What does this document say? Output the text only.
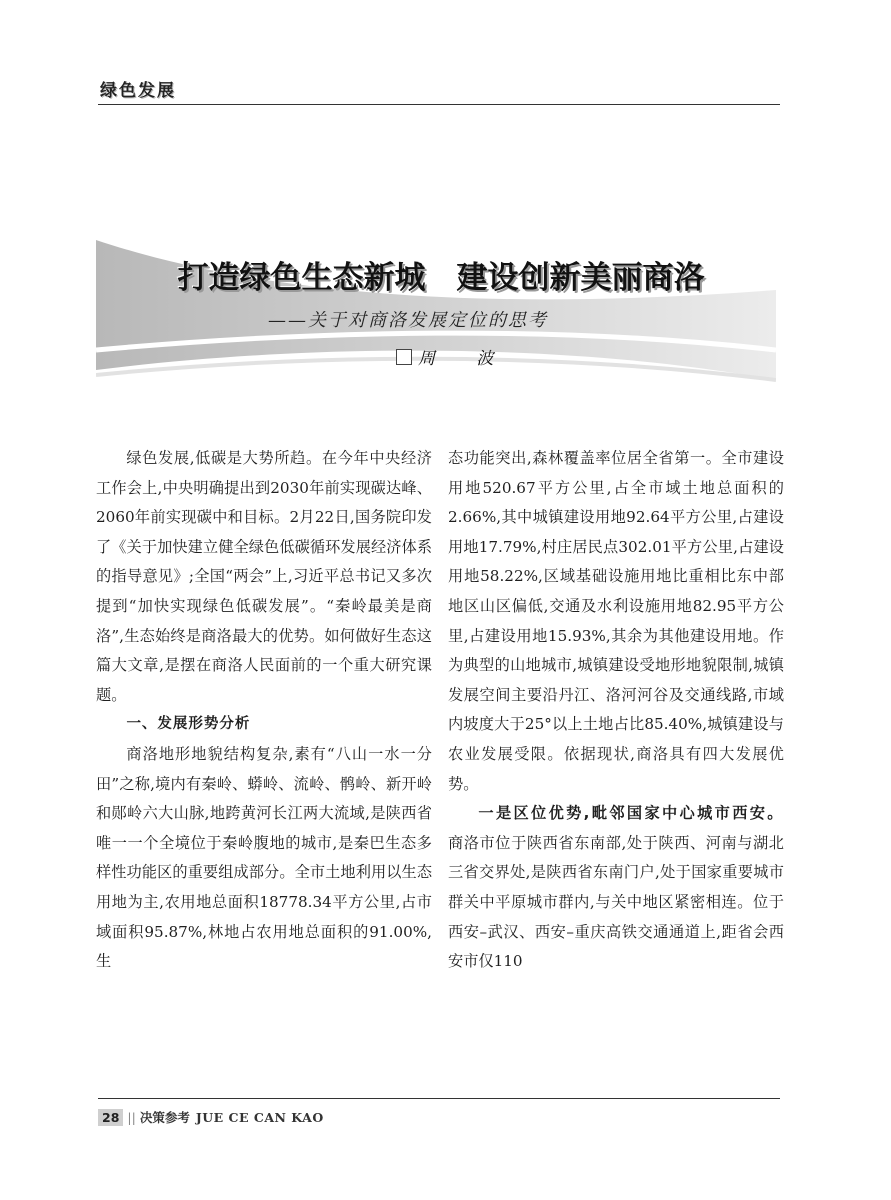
绿色发展
打造绿色生态新城　建设创新美丽商洛
——关于对商洛发展定位的思考
周 波

绿色发展,低碳是大势所趋。在今年中央经济工作会上,中央明确提出到2030年前实现碳达峰、2060年前实现碳中和目标。2月22日,国务院印发了《关于加快建立健全绿色低碳循环发展经济体系的指导意见》;全国“两会”上,习近平总书记又多次提到“加快实现绿色低碳发展”。“秦岭最美是商洛”,生态始终是商洛最大的优势。如何做好生态这篇大文章,是摆在商洛人民面前的一个重大研究课题。

一、发展形势分析

商洛地形地貌结构复杂,素有“八山一水一分田”之称,境内有秦岭、蟒岭、流岭、鹘岭、新开岭和郧岭六大山脉,地跨黄河长江两大流域,是陕西省唯一一个全境位于秦岭腹地的城市,是秦巴生态多样性功能区的重要组成部分。全市土地利用以生态用地为主,农用地总面积18778.34平方公里,占市域面积95.87%,林地占农用地总面积的91.00%,生

态功能突出,森林覆盖率位居全省第一。全市建设用地520.67平方公里,占全市域土地总面积的2.66%,其中城镇建设用地92.64平方公里,占建设用地17.79%,村庄居民点302.01平方公里,占建设用地58.22%,区域基础设施用地比重相比东中部地区山区偏低,交通及水利设施用地82.95平方公里,占建设用地15.93%,其余为其他建设用地。作为典型的山地城市,城镇建设受地形地貌限制,城镇发展空间主要沿丹江、洛河河谷及交通线路,市域内坡度大于25°以上土地占比85.40%,城镇建设与农业发展受限。依据现状,商洛具有四大发展优势。

一是区位优势,毗邻国家中心城市西安。商洛市位于陕西省东南部,处于陕西、河南与湖北三省交界处,是陕西省东南门户,处于国家重要城市群关中平原城市群内,与关中地区紧密相连。位于西安–武汉、西安–重庆高铁交通通道上,距省会西安市仅110

28 || 决策参考 JUE CE CAN KAO
